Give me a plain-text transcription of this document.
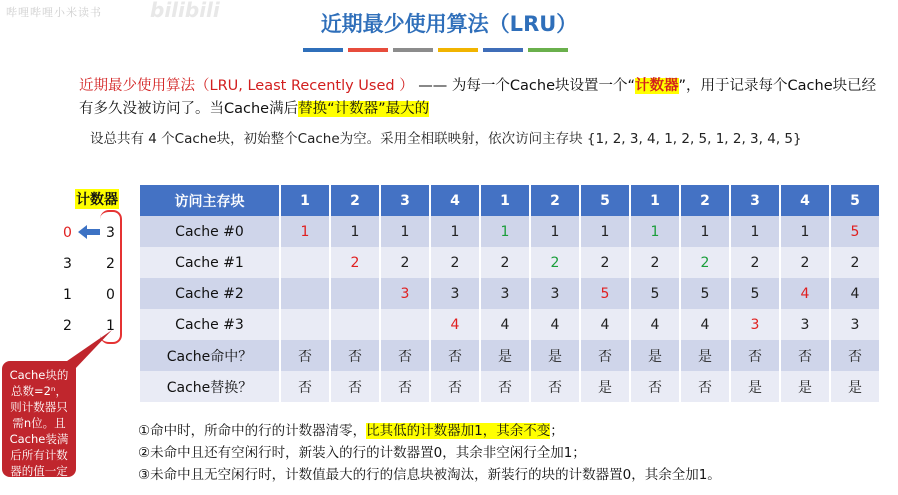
哔哩哔哩小米读书 bilibili
近期最少使用算法（LRU）
近期最少使用算法（LRU, Least Recently Used ） —— 为每一个Cache块设置一个“计数器”，用于记录每个Cache块已经有多久没被访问了。当Cache满后替换“计数器”最大的
设总共有 4 个Cache块，初始整个Cache为空。采用全相联映射，依次访问主存块 {1, 2, 3, 4, 1, 2, 5, 1, 2, 3, 4, 5}
计数器
0 3
3 2
1 0
2 1
Cache块的总数=2ⁿ，则计数器只需n位。且Cache装满后所有计数器的值一定不重复
访问主存块	1	2	3	4	1	2	5	1	2	3	4	5
Cache #0	1	1	1	1	1	1	1	1	1	1	1	5
Cache #1		2	2	2	2	2	2	2	2	2	2	2
Cache #2			3	3	3	3	5	5	5	5	4	4
Cache #3				4	4	4	4	4	4	3	3	3
Cache命中？	否	否	否	否	是	是	否	是	是	否	否	否
Cache替换？	否	否	否	否	否	否	是	否	否	是	是	是
①命中时，所命中的行的计数器清零，比其低的计数器加1，其余不变；
②未命中且还有空闲行时，新装入的行的计数器置0，其余非空闲行全加1；
③未命中且无空闲行时，计数值最大的行的信息块被淘汰，新装行的块的计数器置0，其余全加1。
